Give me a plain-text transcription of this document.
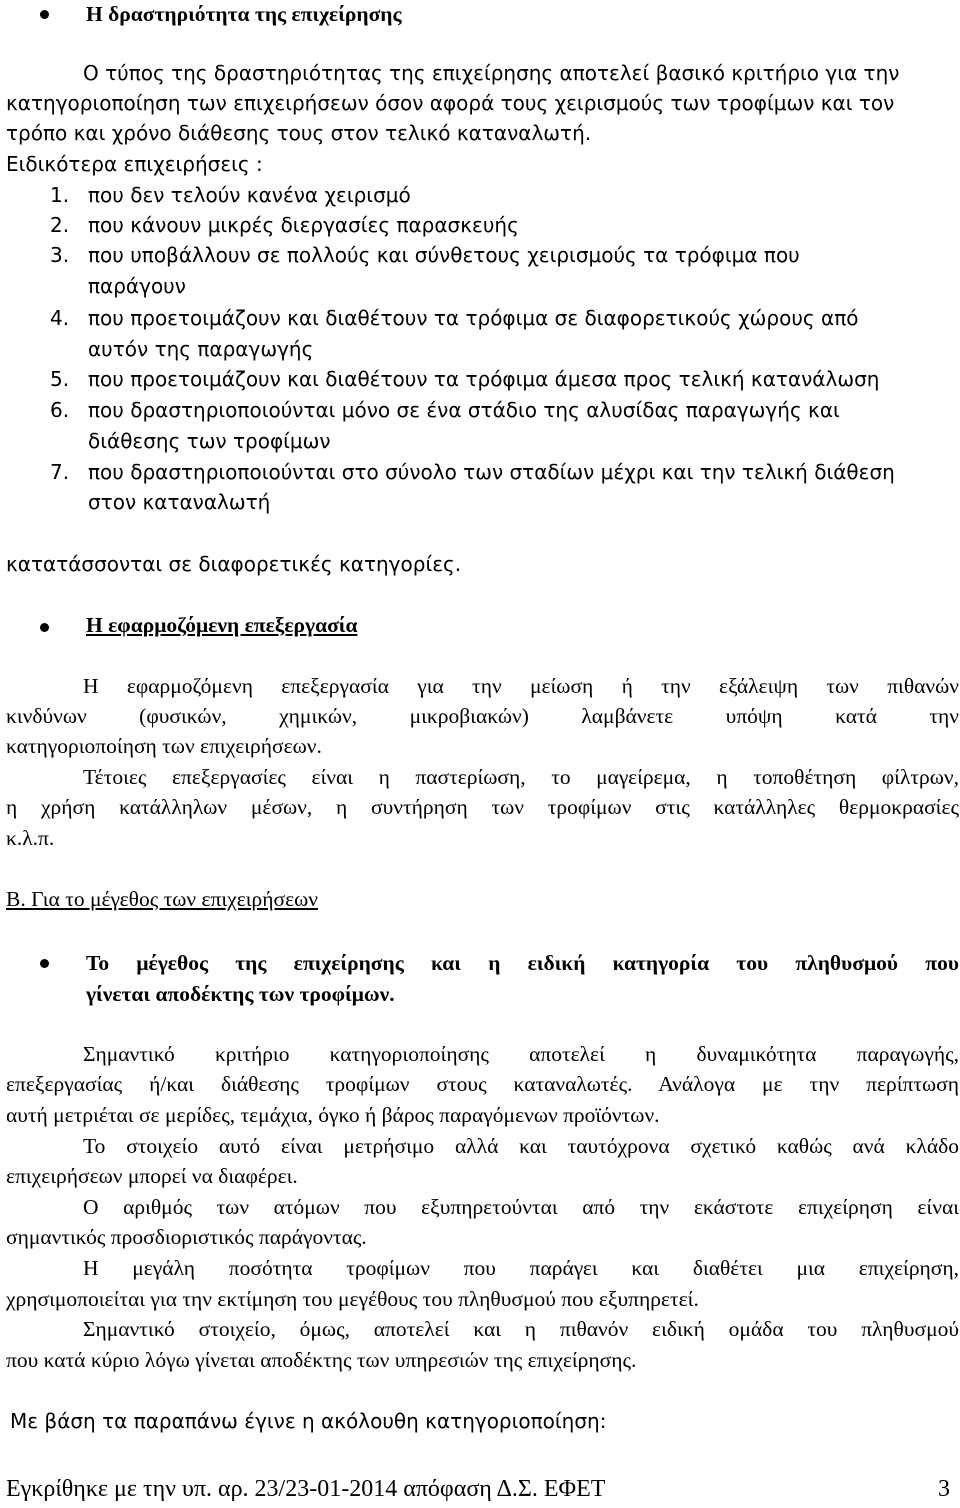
Η δραστηριότητα της επιχείρησης
Ο τύπος της δραστηριότητας της επιχείρησης αποτελεί βασικό κριτήριο για την
κατηγοριοποίηση των επιχειρήσεων όσον αφορά τους χειρισμούς των τροφίμων και τον
τρόπο και χρόνο διάθεσης τους στον τελικό καταναλωτή.
Ειδικότερα επιχειρήσεις :
1. που δεν τελούν κανένα χειρισμό
2. που κάνουν μικρές διεργασίες παρασκευής
3. που υποβάλλουν σε πολλούς και σύνθετους χειρισμούς τα τρόφιμα που
παράγουν
4. που προετοιμάζουν και διαθέτουν τα τρόφιμα σε διαφορετικούς χώρους από
αυτόν της παραγωγής
5. που προετοιμάζουν και διαθέτουν τα τρόφιμα άμεσα προς τελική κατανάλωση
6. που δραστηριοποιούνται μόνο σε ένα στάδιο της αλυσίδας παραγωγής και
διάθεσης των τροφίμων
7. που δραστηριοποιούνται στο σύνολο των σταδίων μέχρι και την τελική διάθεση
στον καταναλωτή
κατατάσσονται σε διαφορετικές κατηγορίες.
Η εφαρμοζόμενη επεξεργασία
Η εφαρμοζόμενη επεξεργασία για την μείωση ή την εξάλειψη των πιθανών
κινδύνων (φυσικών, χημικών, μικροβιακών) λαμβάνετε υπόψη κατά την
κατηγοριοποίηση των επιχειρήσεων.
Τέτοιες επεξεργασίες είναι η παστερίωση, το μαγείρεμα, η τοποθέτηση φίλτρων,
η χρήση κατάλληλων μέσων, η συντήρηση των τροφίμων στις κατάλληλες θερμοκρασίες
κ.λ.π.
Β. Για το μέγεθος των επιχειρήσεων
Το μέγεθος της επιχείρησης και η ειδική κατηγορία του πληθυσμού που
γίνεται αποδέκτης των τροφίμων.
Σημαντικό κριτήριο κατηγοριοποίησης αποτελεί η δυναμικότητα παραγωγής,
επεξεργασίας ή/και διάθεσης τροφίμων στους καταναλωτές. Ανάλογα με την περίπτωση
αυτή μετριέται σε μερίδες, τεμάχια, όγκο ή βάρος παραγόμενων προϊόντων.
Το στοιχείο αυτό είναι μετρήσιμο αλλά και ταυτόχρονα σχετικό καθώς ανά κλάδο
επιχειρήσεων μπορεί να διαφέρει.
Ο αριθμός των ατόμων που εξυπηρετούνται από την εκάστοτε επιχείρηση είναι
σημαντικός προσδιοριστικός παράγοντας.
Η μεγάλη ποσότητα τροφίμων που παράγει και διαθέτει μια επιχείρηση,
χρησιμοποιείται για την εκτίμηση του μεγέθους του πληθυσμού που εξυπηρετεί.
Σημαντικό στοιχείο, όμως, αποτελεί και η πιθανόν ειδική ομάδα του πληθυσμού
που κατά κύριο λόγω γίνεται αποδέκτης των υπηρεσιών της επιχείρησης.
Με βάση τα παραπάνω έγινε η ακόλουθη κατηγοριοποίηση:
Εγκρίθηκε με την υπ. αρ. 23/23-01-2014 απόφαση Δ.Σ. ΕΦΕΤ	3
